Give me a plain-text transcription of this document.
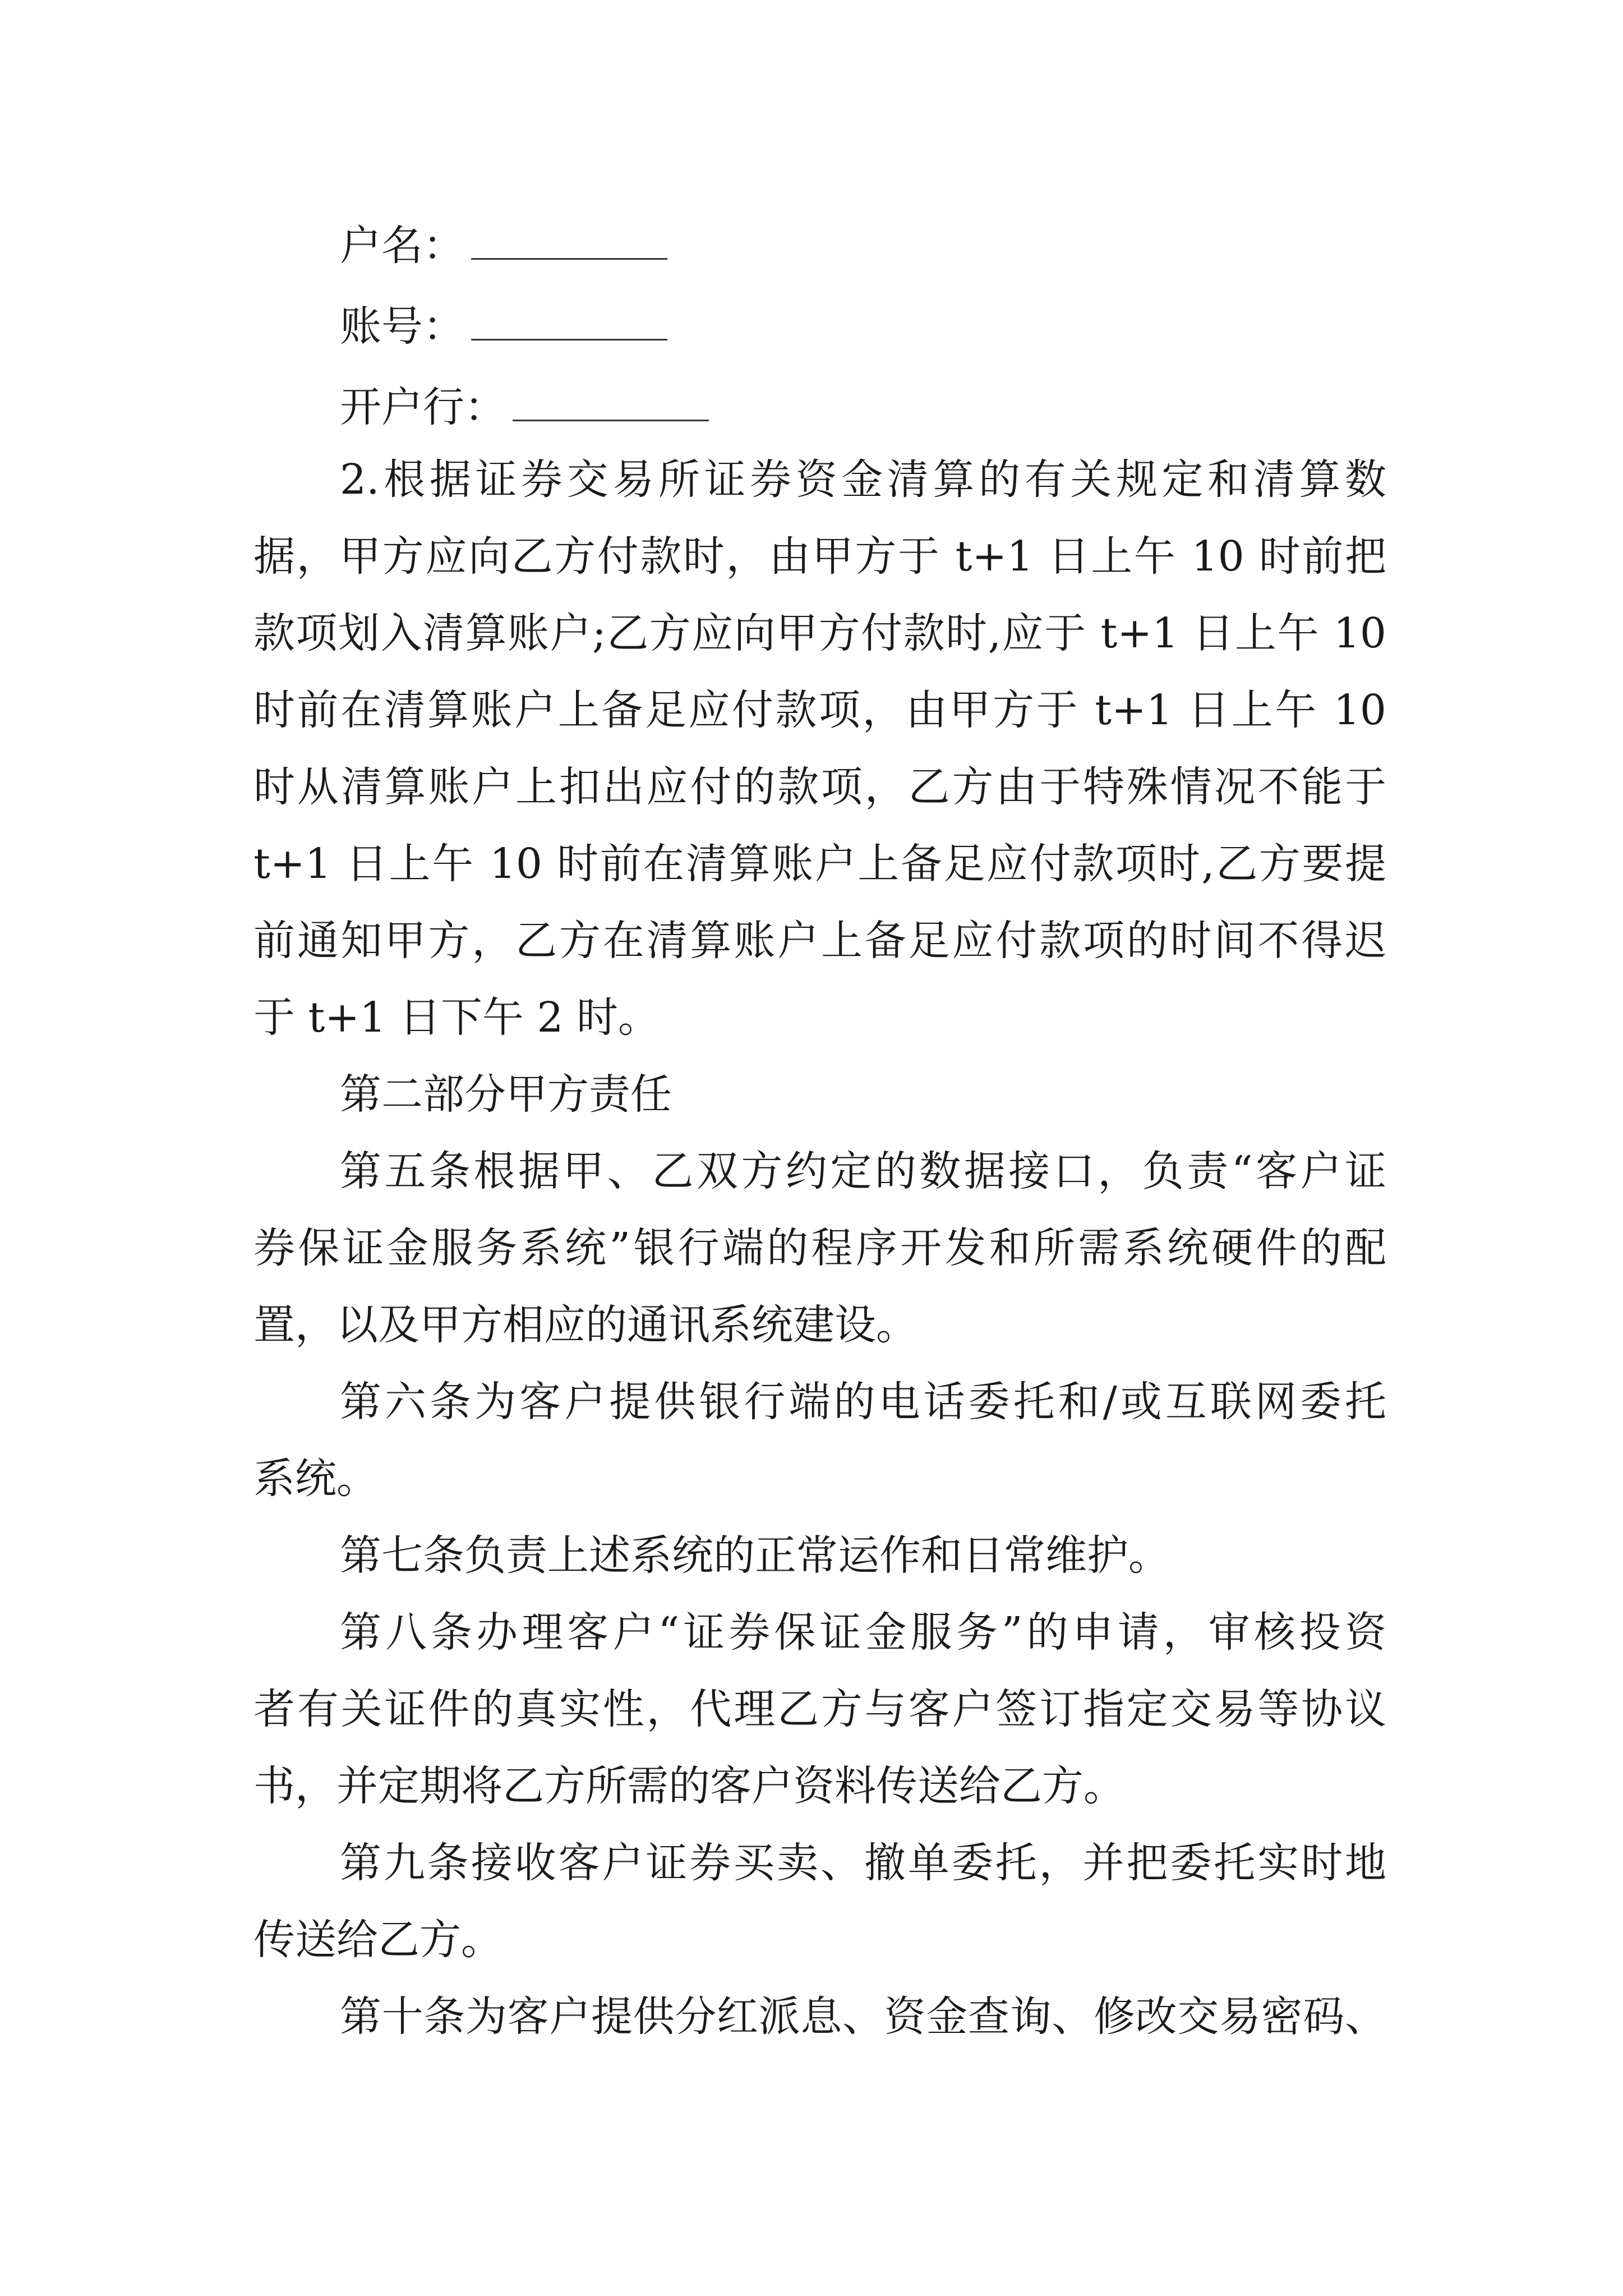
户名：
账号：
开户行：
2.根据证券交易所证券资金清算的有关规定和清算数
据，甲方应向乙方付款时，由甲方于 t+1 日上午 10 时前把
款项划入清算账户;乙方应向甲方付款时,应于 t+1 日上午 10
时前在清算账户上备足应付款项，由甲方于 t+1 日上午 10
时从清算账户上扣出应付的款项，乙方由于特殊情况不能于
t+1 日上午 10 时前在清算账户上备足应付款项时,乙方要提
前通知甲方，乙方在清算账户上备足应付款项的时间不得迟
于 t+1 日下午 2 时。
第二部分甲方责任
第五条根据甲、乙双方约定的数据接口，负责“客户证
券保证金服务系统”银行端的程序开发和所需系统硬件的配
置，以及甲方相应的通讯系统建设。
第六条为客户提供银行端的电话委托和/或互联网委托
系统。
第七条负责上述系统的正常运作和日常维护。
第八条办理客户“证券保证金服务”的申请，审核投资
者有关证件的真实性，代理乙方与客户签订指定交易等协议
书，并定期将乙方所需的客户资料传送给乙方。
第九条接收客户证券买卖、撤单委托，并把委托实时地
传送给乙方。
第十条为客户提供分红派息、资金查询、修改交易密码、
